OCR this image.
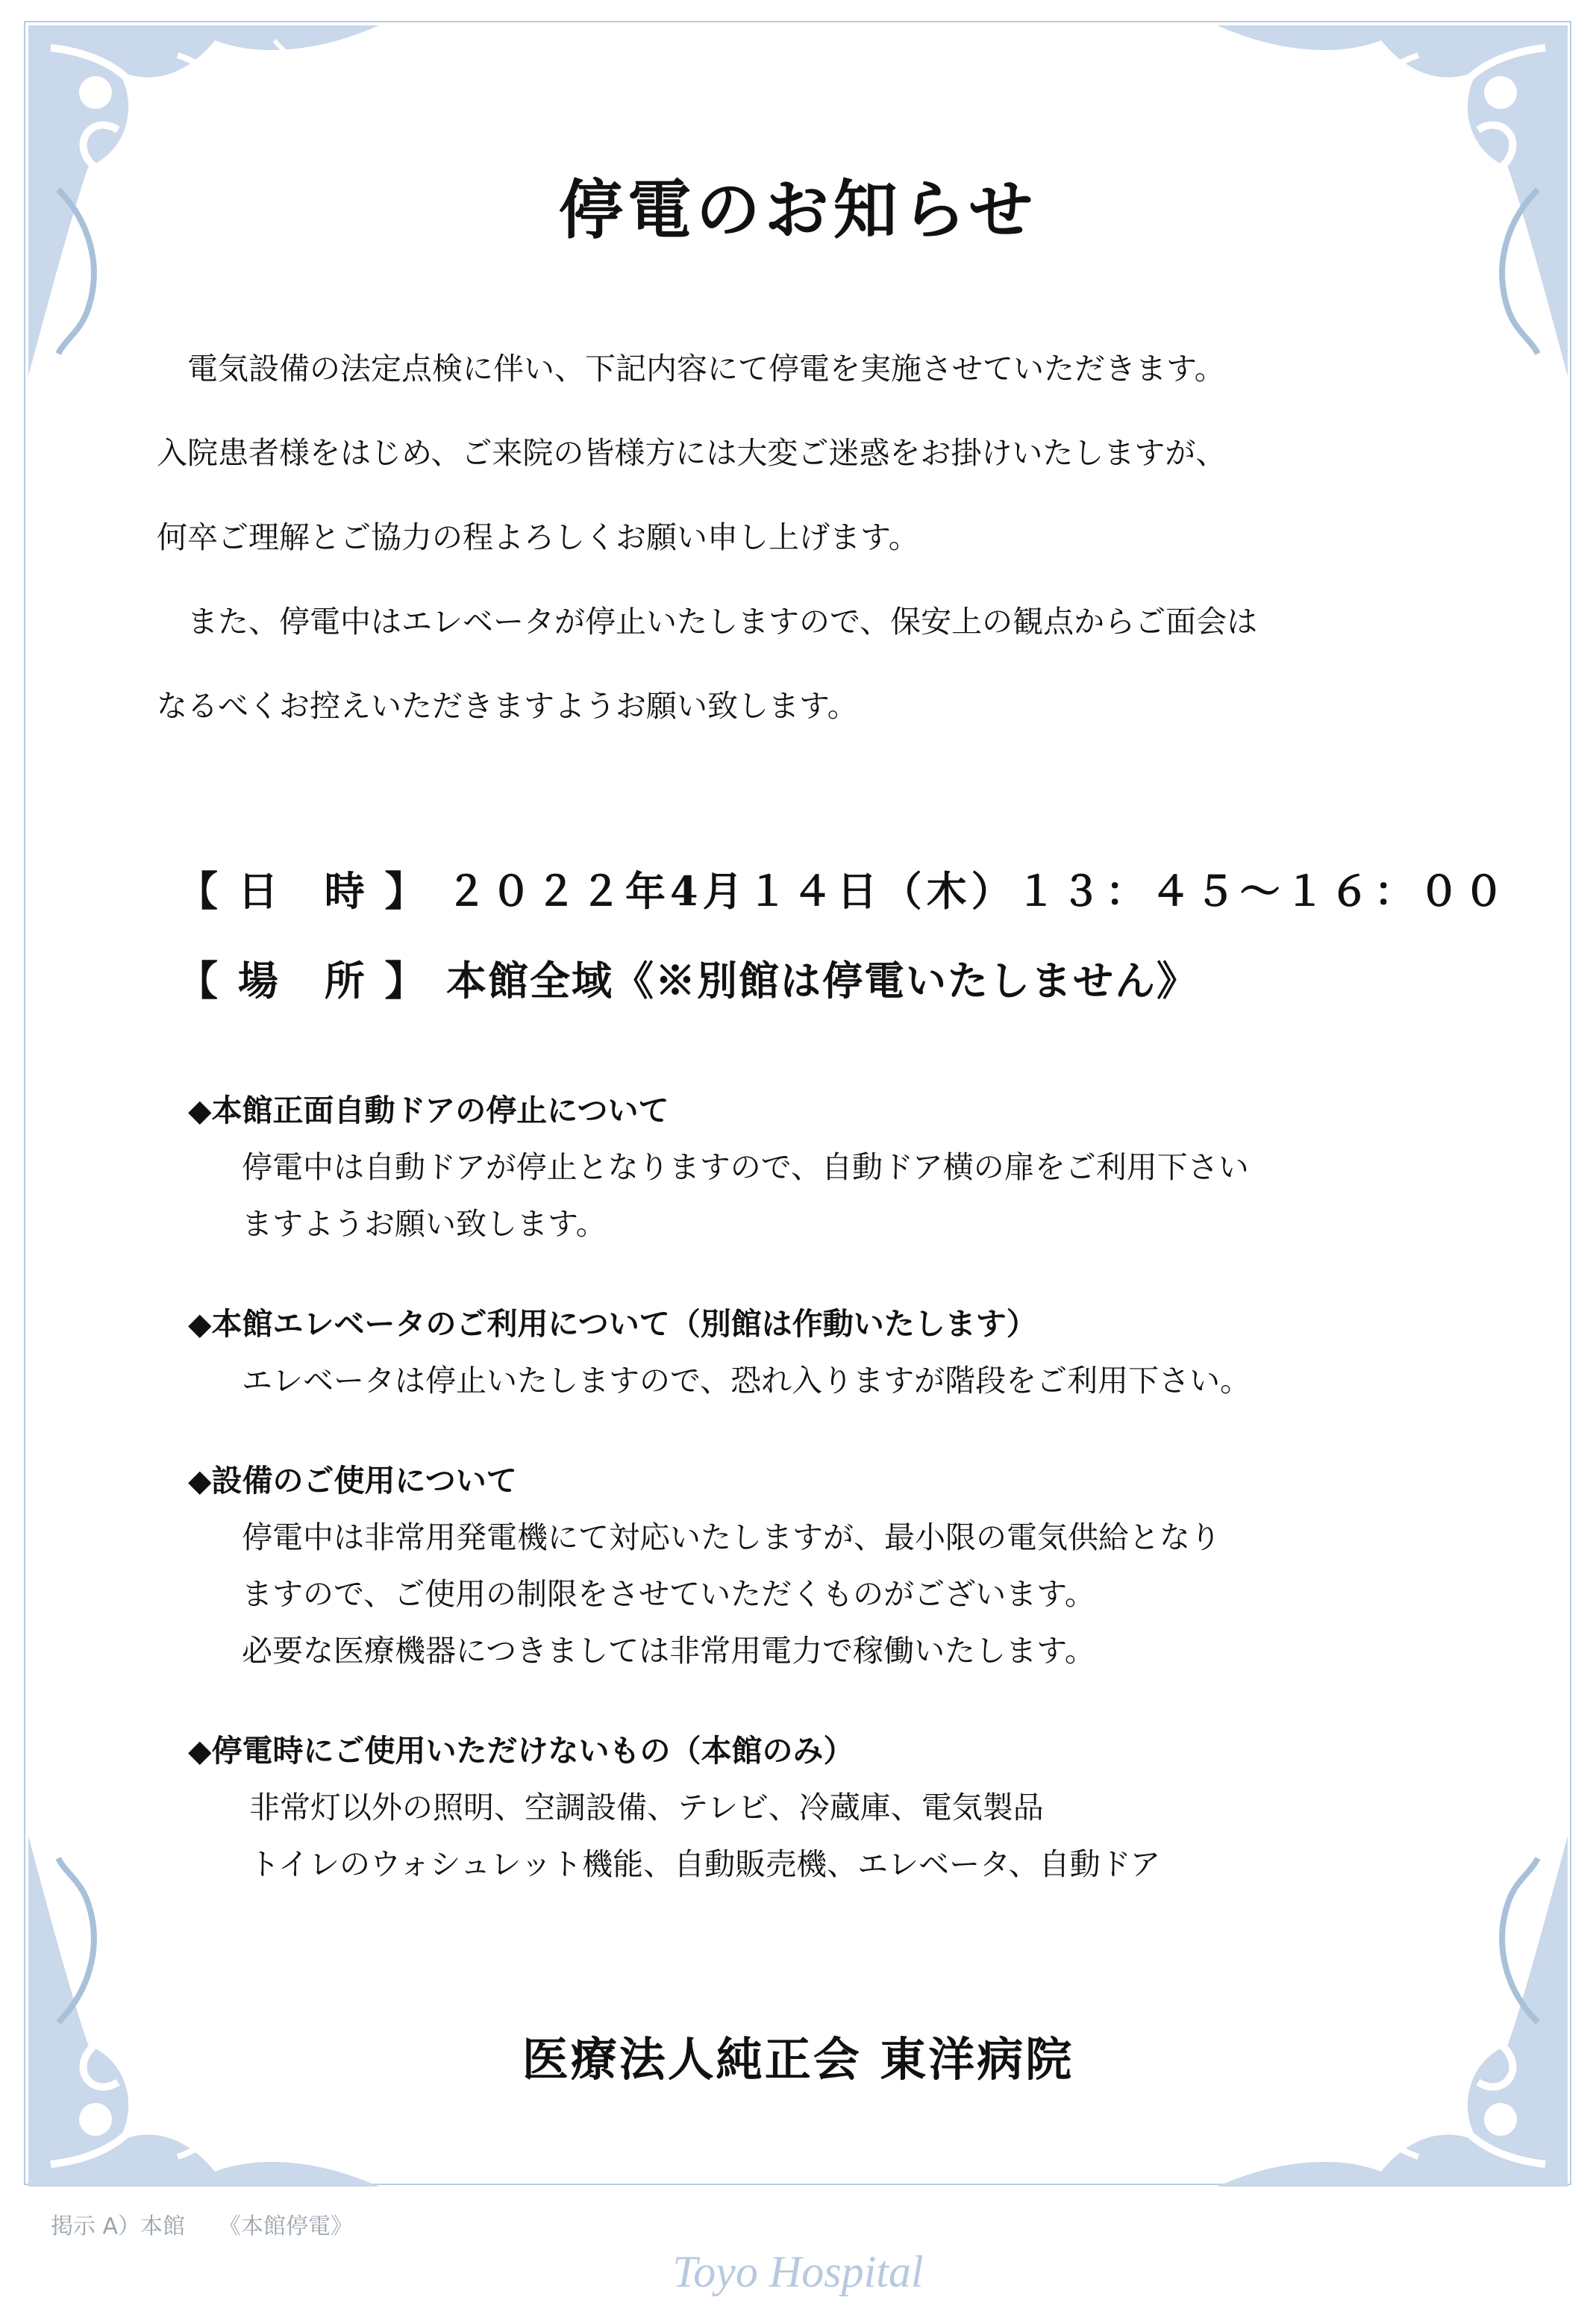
停電のお知らせ

　電気設備の法定点検に伴い、下記内容にて停電を実施させていただきます。

入院患者様をはじめ、ご来院の皆様方には大変ご迷惑をお掛けいたしますが、

何卒ご理解とご協力の程よろしくお願い申し上げます。

　また、停電中はエレベータが停止いたしますので、保安上の観点からご面会は

なるべくお控えいただきますようお願い致します。

【 日　時 】 ２０２２年4月１４日（木）１３：４５～１６：００
【 場　所 】 本館全域《※別館は停電いたしません》
◆本館正面自動ドアの停止について
停電中は自動ドアが停止となりますので、自動ドア横の扉をご利用下さい
ますようお願い致します。
◆本館エレベータのご利用について（別館は作動いたします）
エレベータは停止いたしますので、恐れ入りますが階段をご利用下さい。
◆設備のご使用について
停電中は非常用発電機にて対応いたしますが、最小限の電気供給となり
ますので、ご使用の制限をさせていただくものがございます。
必要な医療機器につきましては非常用電力で稼働いたします。
◆停電時にご使用いただけないもの（本館のみ）
非常灯以外の照明、空調設備、テレビ、冷蔵庫、電気製品
トイレのウォシュレット機能、自動販売機、エレベータ、自動ドア
医療法人純正会 東洋病院
掲示 A）本館　　《本館停電》
Toyo Hospital
